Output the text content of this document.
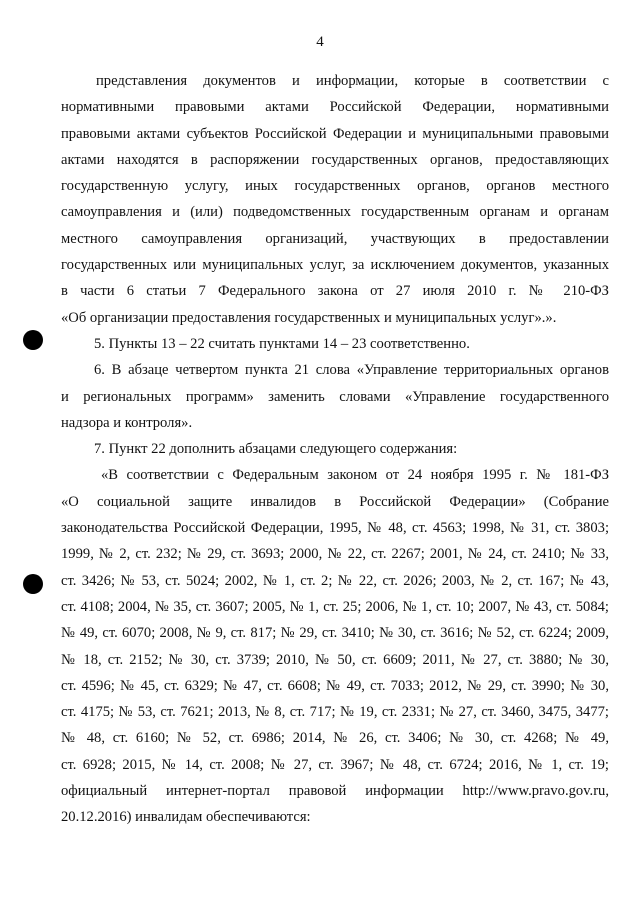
4
представления документов и информации, которые в соответствии с
нормативными правовыми актами Российской Федерации, нормативными
правовыми актами субъектов Российской Федерации и муниципальными правовыми
актами находятся в распоряжении государственных органов, предоставляющих
государственную услугу, иных государственных органов, органов местного
самоуправления и (или) подведомственных государственным органам и органам
местного самоуправления организаций, участвующих в предоставлении
государственных или муниципальных услуг, за исключением документов, указанных
в части 6 статьи 7 Федерального закона от 27 июля 2010 г. № 210-ФЗ
«Об организации предоставления государственных и муниципальных услуг».».
5. Пункты 13 – 22 считать пунктами 14 – 23 соответственно.
6. В абзаце четвертом пункта 21 слова «Управление территориальных органов
и региональных программ» заменить словами «Управление государственного
надзора и контроля».
7. Пункт 22 дополнить абзацами следующего содержания:
«В соответствии с Федеральным законом от 24 ноября 1995 г. № 181-ФЗ
«О социальной защите инвалидов в Российской Федерации» (Собрание
законодательства Российской Федерации, 1995, № 48, ст. 4563; 1998, № 31, ст. 3803;
1999, № 2, ст. 232; № 29, ст. 3693; 2000, № 22, ст. 2267; 2001, № 24, ст. 2410; № 33,
ст. 3426; № 53, ст. 5024; 2002, № 1, ст. 2; № 22, ст. 2026; 2003, № 2, ст. 167; № 43,
ст. 4108; 2004, № 35, ст. 3607; 2005, № 1, ст. 25; 2006, № 1, ст. 10; 2007, № 43, ст. 5084;
№ 49, ст. 6070; 2008, № 9, ст. 817; № 29, ст. 3410; № 30, ст. 3616; № 52, ст. 6224; 2009,
№ 18, ст. 2152; № 30, ст. 3739; 2010, № 50, ст. 6609; 2011, № 27, ст. 3880; № 30,
ст. 4596; № 45, ст. 6329; № 47, ст. 6608; № 49, ст. 7033; 2012, № 29, ст. 3990; № 30,
ст. 4175; № 53, ст. 7621; 2013, № 8, ст. 717; № 19, ст. 2331; № 27, ст. 3460, 3475, 3477;
№ 48, ст. 6160; № 52, ст. 6986; 2014, № 26, ст. 3406; № 30, ст. 4268; № 49,
ст. 6928; 2015, № 14, ст. 2008; № 27, ст. 3967; № 48, ст. 6724; 2016, № 1, ст. 19;
официальный интернет-портал правовой информации http://www.pravo.gov.ru,
20.12.2016) инвалидам обеспечиваются:
